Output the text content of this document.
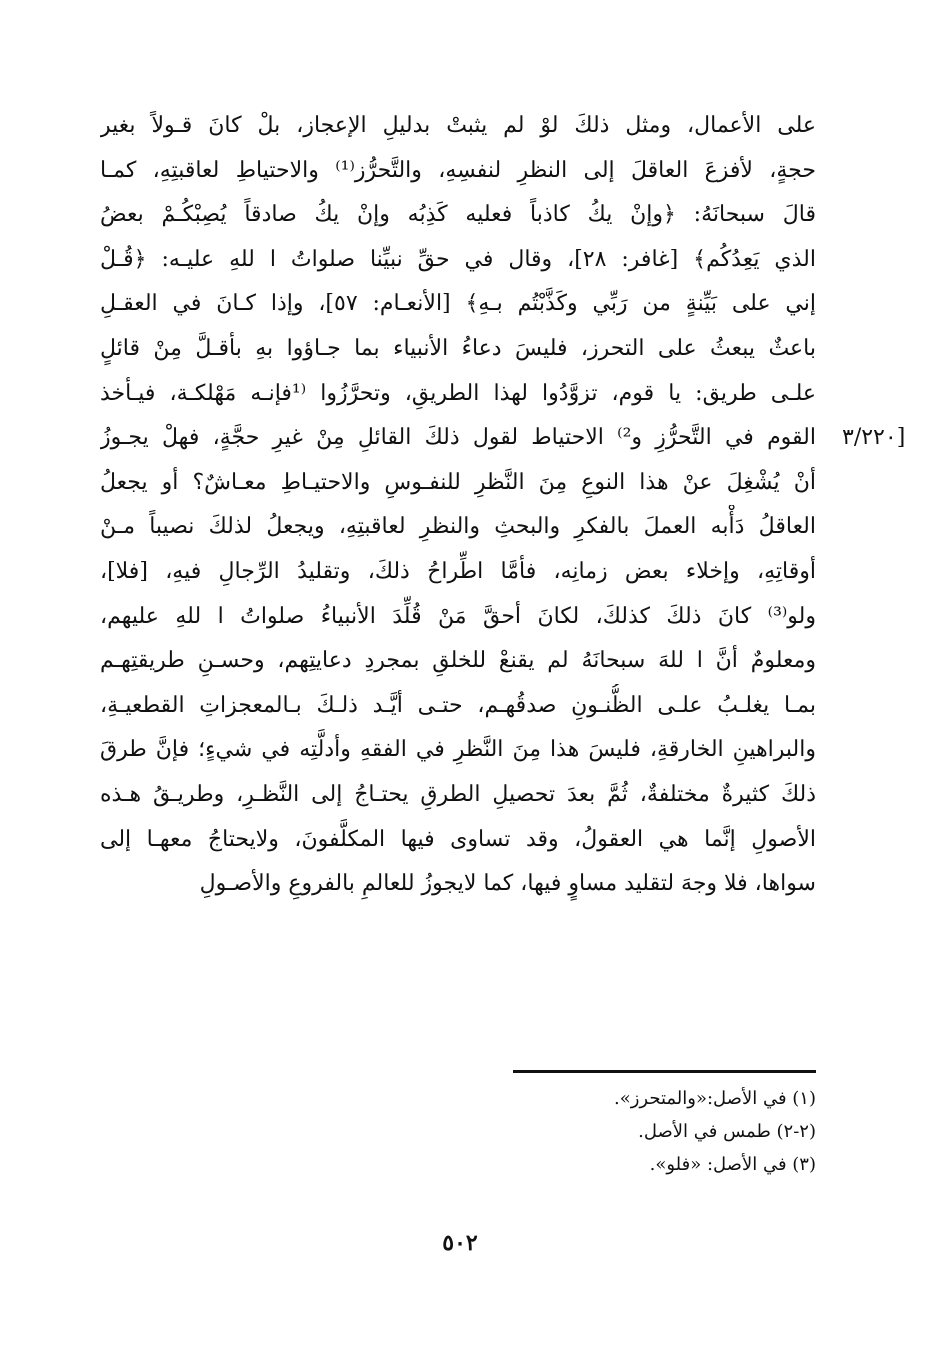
على الأعمال، ومثل ذلكَ لوْ لم يثبتْ بدليلِ الإعجاز، بلْ كانَ قـولاً بغير
حجةٍ، لأفزعَ العاقلَ إلى النظرِ لنفسِهِ، والتَّحرُّز⁽¹⁾ والاحتياطِ لعاقبتِهِ، كمـا
قالَ سبحانَهُ: ﴿وإنْ يكُ كاذباً فعليه كَذِبُه وإنْ يكُ صادقاً يُصِبْكُـمْ بعضُ
الذي يَعِدُكُم﴾ [غافر: ٢٨]، وقال في حقِّ نبيِّنا صلواتُ ا للهِ عليـه: ﴿قُـلْ
إني على بَيِّنةٍ من رَبِّي وكَذَّبْتُم بـهِ﴾ [الأنعـام: ٥٧]، وإذا كـانَ في العقـلِ
باعثٌ يبعثُ على التحرز، فليسَ دعاءُ الأنبياء بما جـاؤوا بهِ بأقـلَّ مِنْ قائلٍ
علـى طريق: يا قوم، تزوَّدُوا لهذا الطريقِ، وتحرَّزُوا ⁽¹فإنـه مَهْلكـة، فيـأخذ
القوم في التَّحرُّزِ و²⁾ الاحتياط لقول ذلكَ القائلِ مِنْ غيرِ حجَّةٍ، فهلْ يجـوزُ
أنْ يُشْغِلَ عنْ هذا النوعِ مِنَ النَّظرِ للنفـوسِ والاحتيـاطِ معـاشٌ؟ أو يجعلُ
العاقلُ دَأْبه العملَ بالفكرِ والبحثِ والنظرِ لعاقبتِهِ، ويجعلُ لذلكَ نصيباً مـنْ
أوقاتِهِ، وإخلاء بعض زمانِه، فأمَّا اطِّراحُ ذلكَ، وتقليدُ الرِّجالِ فيهِ، [فلا]،
ولو⁽³⁾ كانَ ذلكَ كذلكَ، لكانَ أحقَّ مَنْ قُلِّدَ الأنبياءُ صلواتُ ا للهِ عليهم،
ومعلومٌ أنَّ ا للهَ سبحانَهُ لم يقنعْ للخلقِ بمجردِ دعايتِهم، وحسـنِ طريقتِهـم
بمـا يغلـبُ علـى الظُّنـونِ صدقُهـم، حتـى أيَّـد ذلـكَ بـالمعجزاتِ القطعيـةِ،
والبراهينِ الخارقةِ، فليسَ هذا مِنَ النَّظرِ في الفقهِ وأدلَّتِه في شيءٍ؛ فإنَّ طرقَ
ذلكَ كثيرةٌ مختلفةٌ، ثُمَّ بعدَ تحصيلِ الطرقِ يحتـاجُ إلى النَّظـرِ، وطريـقُ هـذه
الأصولِ إنَّما هي العقولُ، وقد تساوى فيها المكلَّفونَ، ولايحتاجُ معهـا إلى
سواها، فلا وجهَ لتقليد مساوٍ فيها، كما لايجوزُ للعالمِ بالفروعِ والأصـولِ
[٣/٢٢٠
(١) في الأصل:«والمتحرز».
(٢-٢) طمس في الأصل.
(٣) في الأصل: «فلو».
٥٠٢
